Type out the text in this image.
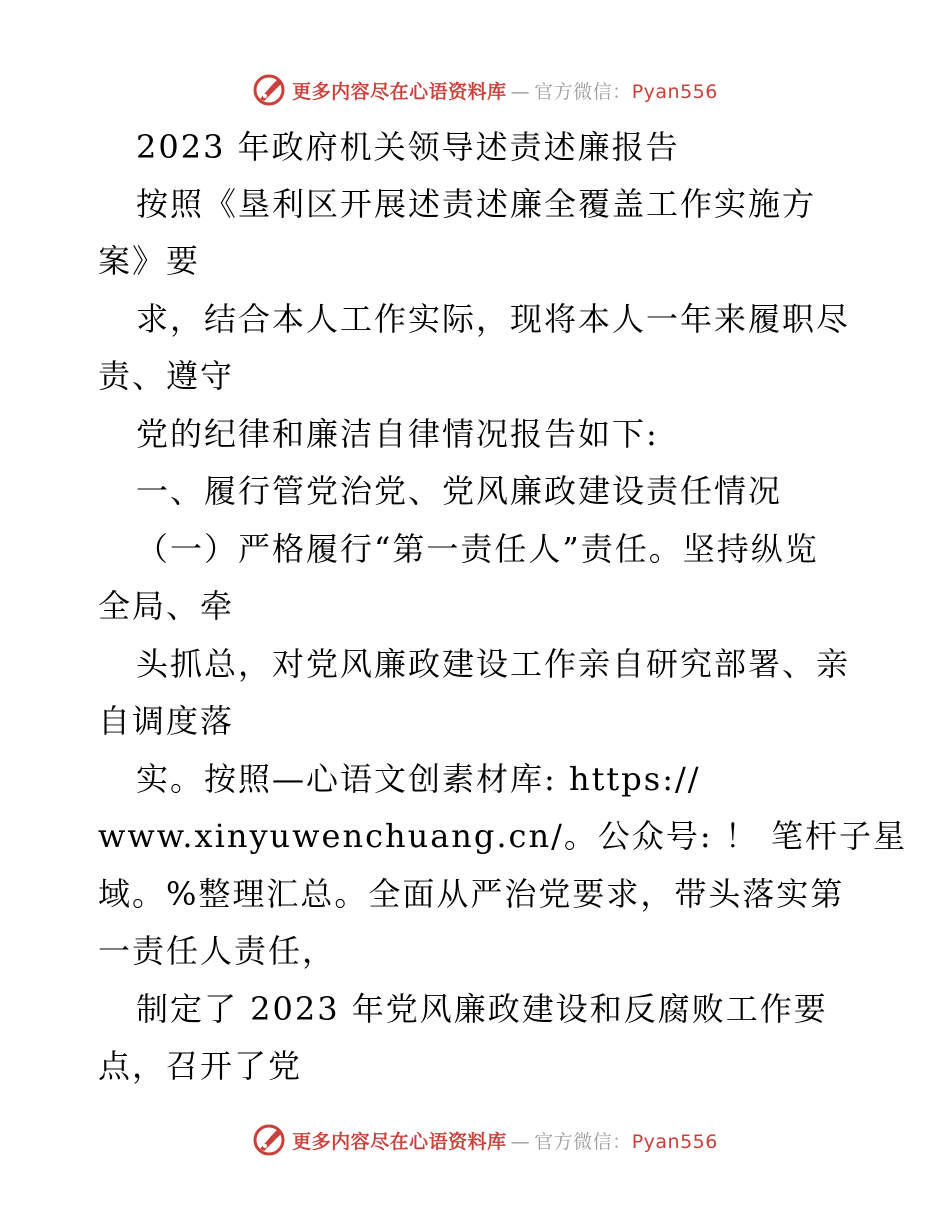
更多内容尽在心语资料库 — 官方微信：Pyan556
2023 年政府机关领导述责述廉报告
按照《垦利区开展述责述廉全覆盖工作实施方
案》要
求，结合本人工作实际，现将本人一年来履职尽
责、遵守
党的纪律和廉洁自律情况报告如下:
一、履行管党治党、党风廉政建设责任情况
（一）严格履行“第一责任人”责任。坚持纵览
全局、牵
头抓总，对党风廉政建设工作亲自研究部署、亲
自调度落
实。按照—心语文创素材库: https://
www.xinyuwenchuang.cn/。公众号: ！ 笔杆子星
域。%整理汇总。全面从严治党要求，带头落实第
一责任人责任，
制定了 2023 年党风廉政建设和反腐败工作要
点，召开了党
更多内容尽在心语资料库 — 官方微信：Pyan556
